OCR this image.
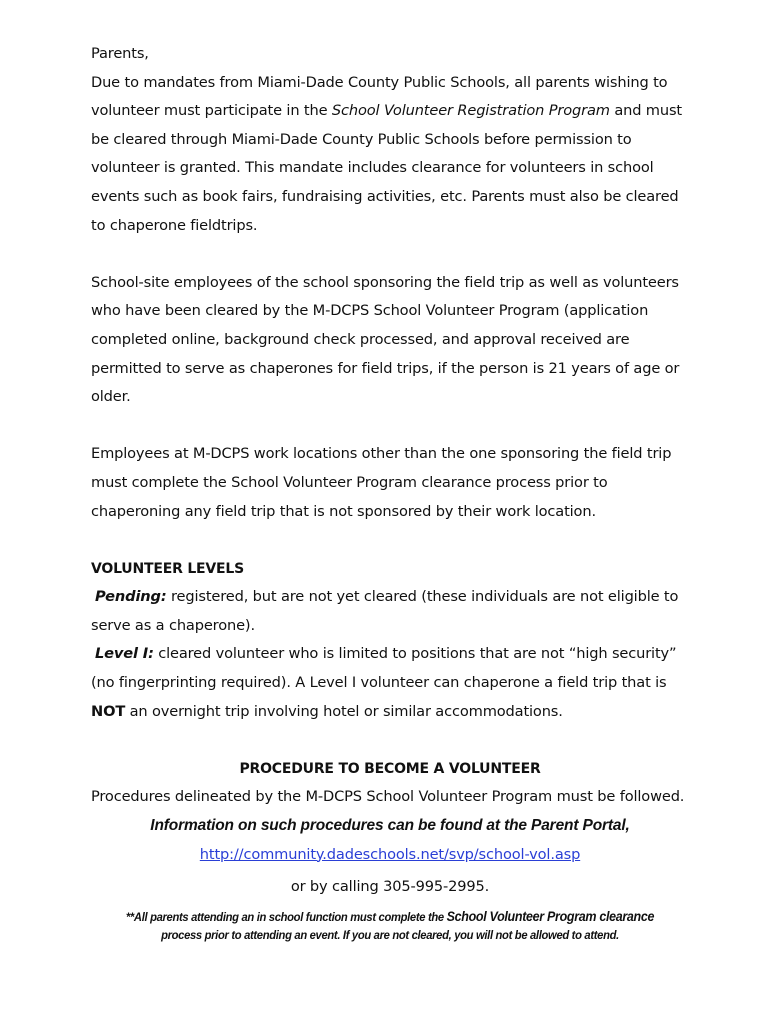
Parents,

Due to mandates from Miami-Dade County Public Schools, all parents wishing to volunteer must participate in the School Volunteer Registration Program and must be cleared through Miami-Dade County Public Schools before permission to volunteer is granted. This mandate includes clearance for volunteers in school events such as book fairs, fundraising activities, etc. Parents must also be cleared to chaperone fieldtrips.

School-site employees of the school sponsoring the field trip as well as volunteers who have been cleared by the M-DCPS School Volunteer Program (application completed online, background check processed, and approval received are permitted to serve as chaperones for field trips, if the person is 21 years of age or older.

Employees at M-DCPS work locations other than the one sponsoring the field trip must complete the School Volunteer Program clearance process prior to chaperoning any field trip that is not sponsored by their work location.

VOLUNTEER LEVELS

Pending: registered, but are not yet cleared (these individuals are not eligible to serve as a chaperone).

Level I: cleared volunteer who is limited to positions that are not “high security” (no fingerprinting required). A Level I volunteer can chaperone a field trip that is NOT an overnight trip involving hotel or similar accommodations.

PROCEDURE TO BECOME A VOLUNTEER

Procedures delineated by the M-DCPS School Volunteer Program must be followed.

Information on such procedures can be found at the Parent Portal,

http://community.dadeschools.net/svp/school-vol.asp

or by calling 305-995-2995.

**All parents attending an in school function must complete the School Volunteer Program clearance process prior to attending an event. If you are not cleared, you will not be allowed to attend.
